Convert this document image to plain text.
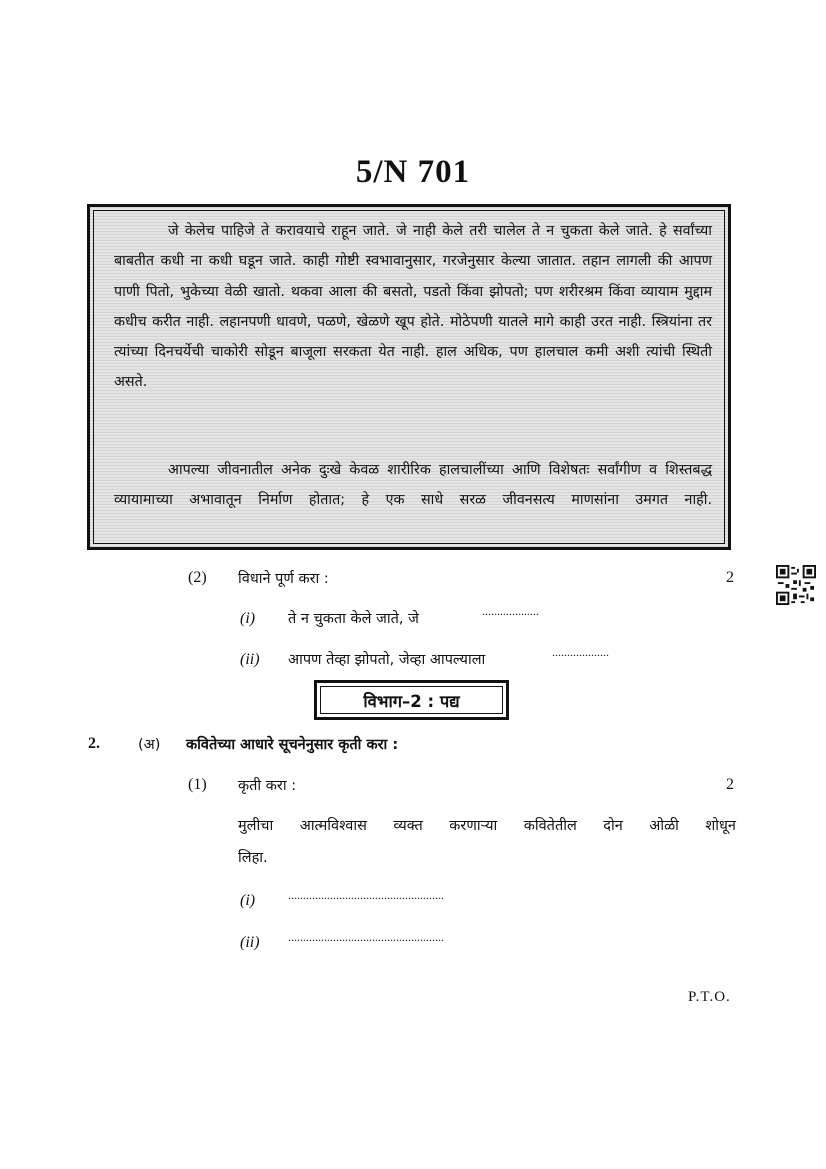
5/N 701
जे केलेच पाहिजे ते करावयाचे राहून जाते. जे नाही केले तरी चालेल ते न चुकता केले जाते. हे सर्वांच्या बाबतीत कधी ना कधी घडून जाते. काही गोष्टी स्वभावानुसार, गरजेनुसार केल्या जातात. तहान लागली की आपण पाणी पितो, भुकेच्या वेळी खातो. थकवा आला की बसतो, पडतो किंवा झोपतो; पण शरीरश्रम किंवा व्यायाम मुद्दाम कधीच करीत नाही. लहानपणी धावणे, पळणे, खेळणे खूप होते. मोठेपणी यातले मागे काही उरत नाही. स्त्रियांना तर त्यांच्या दिनचर्येची चाकोरी सोडून बाजूला सरकता येत नाही. हाल अधिक, पण हालचाल कमी अशी त्यांची स्थिती असते.
आपल्या जीवनातील अनेक दुःखे केवळ शारीरिक हालचालींच्या आणि विशेषतः सर्वांगीण व शिस्तबद्ध व्यायामाच्या अभावातून निर्माण होतात; हे एक साधे सरळ जीवनसत्य माणसांना उमगत नाही.
(2) विधाने पूर्ण करा :	2
(i) ते न चुकता केले जाते, जे	...................
(ii) आपण तेव्हा झोपतो, जेव्हा आपल्याला	...................
विभाग–2 : पद्य
2.	(अ) कवितेच्या आधारे सूचनेनुसार कृती करा :
(1) कृती करा :	2
मुलीचा आत्मविश्वास व्यक्त करणाऱ्या कवितेतील दोन ओळी शोधून
लिहा.
(i)	....................................................
(ii) ....................................................
P.T.O.
